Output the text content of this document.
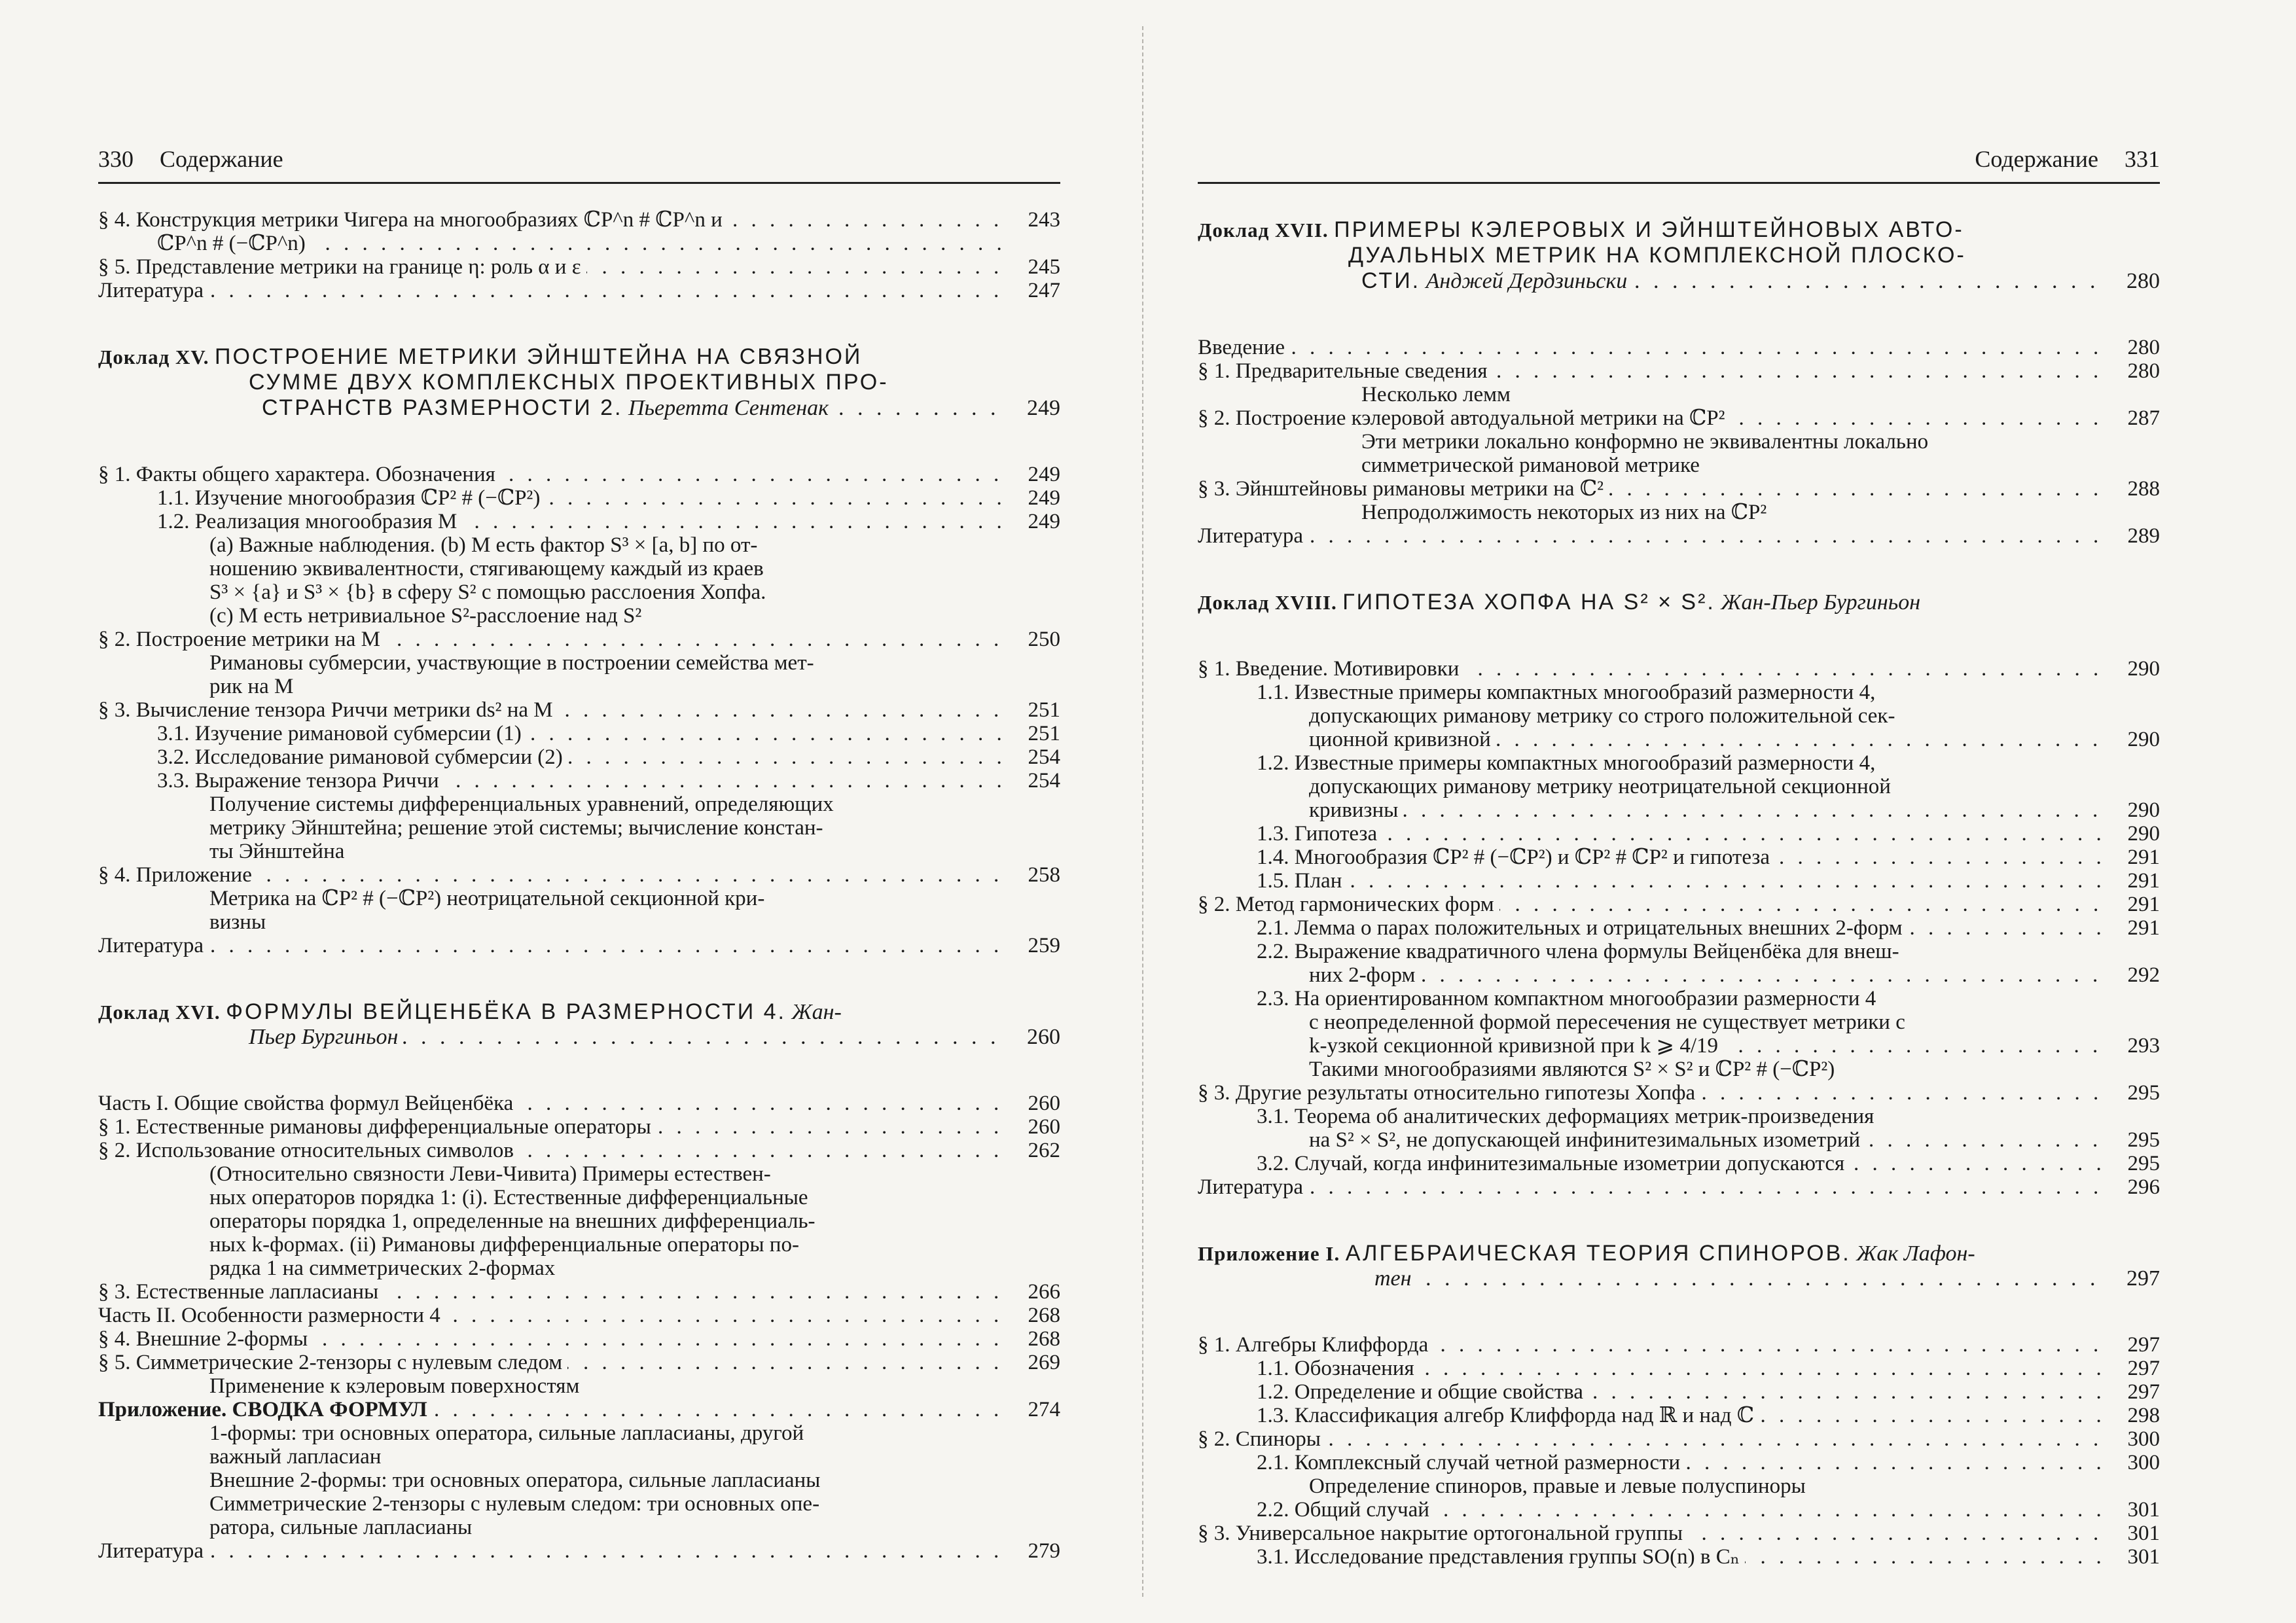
330 Содержание
§ 4. Конструкция метрики Чигера на многообразиях ℂP^n # ℂP^n и . . .	243
ℂP^n # (−ℂP^n) . . .
§ 5. Представление метрики на границе η: роль α и ε . . .	245
Литература . . .	247
Доклад XV. ПОСТРОЕНИЕ МЕТРИКИ ЭЙНШТЕЙНА НА СВЯЗНОЙ
СУММЕ ДВУХ КОМПЛЕКСНЫХ ПРОЕКТИВНЫХ ПРО-
СТРАНСТВ РАЗМЕРНОСТИ 2. Пьеретта Сентенак . . .	249
§ 1. Факты общего характера. Обозначения . . .	249
1.1. Изучение многообразия ℂP² # (−ℂP²) . . .	249
1.2. Реализация многообразия M . . .	249
(a) Важные наблюдения. (b) M есть фактор S³ × [a, b] по от-
ношению эквивалентности, стягивающему каждый из краев
S³ × {a} и S³ × {b} в сферу S² с помощью расслоения Хопфа.
(c) M есть нетривиальное S²-расслоение над S²
§ 2. Построение метрики на M . . .	250
Римановы субмерсии, участвующие в построении семейства мет-
рик на M
§ 3. Вычисление тензора Риччи метрики ds² на M . . .	251
3.1. Изучение римановой субмерсии (1) . . .	251
3.2. Исследование римановой субмерсии (2) . . .	254
3.3. Выражение тензора Риччи . . .	254
Получение системы дифференциальных уравнений, определяющих
метрику Эйнштейна; решение этой системы; вычисление констан-
ты Эйнштейна
§ 4. Приложение . . .	258
Метрика на ℂP² # (−ℂP²) неотрицательной секционной кри-
визны
Литература . . .	259
Доклад XVI. ФОРМУЛЫ ВЕЙЦЕНБЁКА В РАЗМЕРНОСТИ 4. Жан-
Пьер Бургиньон . . .	260
Часть I. Общие свойства формул Вейценбёка . . .	260
§ 1. Естественные римановы дифференциальные операторы . . .	260
§ 2. Использование относительных символов . . .	262
(Относительно связности Леви-Чивита) Примеры естествен-
ных операторов порядка 1: (i). Естественные дифференциальные
операторы порядка 1, определенные на внешних дифференциаль-
ных k-формах. (ii) Римановы дифференциальные операторы по-
рядка 1 на симметрических 2-формах
§ 3. Естественные лапласианы . . .	266
Часть II. Особенности размерности 4 . . .	268
§ 4. Внешние 2-формы . . .	268
§ 5. Симметрические 2-тензоры с нулевым следом . . .	269
Применение к кэлеровым поверхностям
Приложение. СВОДКА ФОРМУЛ . . .	274
1-формы: три основных оператора, сильные лапласианы, другой
важный лапласиан
Внешние 2-формы: три основных оператора, сильные лапласианы
Симметрические 2-тензоры с нулевым следом: три основных опе-
ратора, сильные лапласианы
Литература . . .	279
Содержание 331
Доклад XVII. ПРИМЕРЫ КЭЛЕРОВЫХ И ЭЙНШТЕЙНОВЫХ АВТО-
ДУАЛЬНЫХ МЕТРИК НА КОМПЛЕКСНОЙ ПЛОСКО-
СТИ. Анджей Дердзиньски . . .	280
Введение . . .	280
§ 1. Предварительные сведения . . .	280
Несколько лемм
§ 2. Построение кэлеровой автодуальной метрики на ℂP² . . .	287
Эти метрики локально конформно не эквивалентны локально
симметрической римановой метрике
§ 3. Эйнштейновы римановы метрики на ℂ² . . .	288
Непродолжимость некоторых из них на ℂP²
Литература . . .	289
Доклад XVIII. ГИПОТЕЗА ХОПФА НА S² × S². Жан-Пьер Бургиньон
§ 1. Введение. Мотивировки . . .	290
1.1. Известные примеры компактных многообразий размерности 4,
допускающих риманову метрику со строго положительной сек-
ционной кривизной . . .	290
1.2. Известные примеры компактных многообразий размерности 4,
допускающих риманову метрику неотрицательной секционной
кривизны . . .	290
1.3. Гипотеза . . .	290
1.4. Многообразия ℂP² # (−ℂP²) и ℂP² # ℂP² и гипотеза . . .	291
1.5. План . . .	291
§ 2. Метод гармонических форм . . .	291
2.1. Лемма о парах положительных и отрицательных внешних 2-форм . . .	291
2.2. Выражение квадратичного члена формулы Вейценбёка для внеш-
них 2-форм . . .	292
2.3. На ориентированном компактном многообразии размерности 4
с неопределенной формой пересечения не существует метрики с
k-узкой секционной кривизной при k ⩾ 4/19 . . .	293
Такими многообразиями являются S² × S² и ℂP² # (−ℂP²)
§ 3. Другие результаты относительно гипотезы Хопфа . . .	295
3.1. Теорема об аналитических деформациях метрик-произведения
на S² × S², не допускающей инфинитезимальных изометрий . . .	295
3.2. Случай, когда инфинитезимальные изометрии допускаются . . .	295
Литература . . .	296
Приложение I. АЛГЕБРАИЧЕСКАЯ ТЕОРИЯ СПИНОРОВ. Жак Лафон-
тен . . .	297
§ 1. Алгебры Клиффорда . . .	297
1.1. Обозначения . . .	297
1.2. Определение и общие свойства . . .	297
1.3. Классификация алгебр Клиффорда над ℝ и над ℂ . . .	298
§ 2. Спиноры . . .	300
2.1. Комплексный случай четной размерности . . .	300
Определение спиноров, правые и левые полуспиноры
2.2. Общий случай . . .	301
§ 3. Универсальное накрытие ортогональной группы . . .	301
3.1. Исследование представления группы SO(n) в Cₙ . . .	301
